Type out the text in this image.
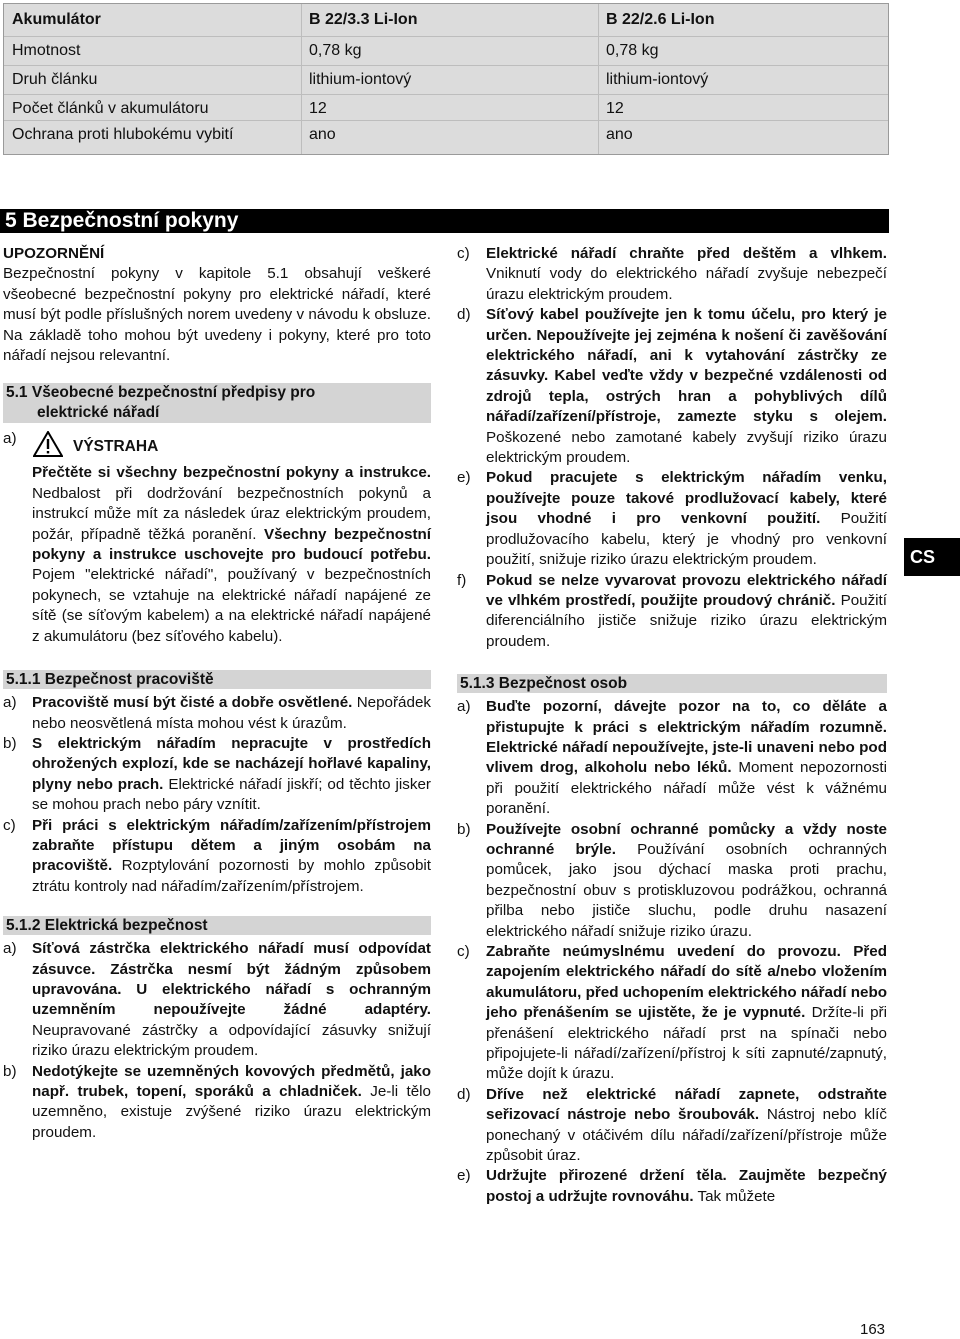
Akumulátor	B 22/3.3 Li-Ion	B 22/2.6 Li-Ion
Hmotnost	0,78 kg	0,78 kg
Druh článku	lithium-iontový	lithium-iontový
Počet článků v akumulátoru	12	12
Ochrana proti hlubokému vybití	ano	ano
5 Bezpečnostní pokyny

UPOZORNĚNÍ

Bezpečnostní pokyny v kapitole 5.1 obsahují veškeré všeobecné bezpečnostní pokyny pro elektrické nářadí, které musí být podle příslušných norem uvedeny v návodu k obsluze. Na základě toho mohou být uvedeny i pokyny, které pro toto nářadí nejsou relevantní.

5.1 Všeobecné bezpečnostní předpisy pro
elektrické nářadí
a)	VÝSTRAHA

Přečtěte si všechny bezpečnostní pokyny a instrukce. Nedbalost při dodržování bezpečnostních pokynů a instrukcí může mít za následek úraz elektrickým proudem, požár, případně těžká poranění. Všechny bezpečnostní pokyny a instrukce uschovejte pro budoucí potřebu. Pojem "elektrické nářadí", používaný v bezpečnostních pokynech, se vztahuje na elektrické nářadí napájené ze sítě (se síťovým kabelem) a na elektrické nářadí napájené z akumulátoru (bez síťového kabelu).

5.1.1 Bezpečnost pracoviště

a) Pracoviště musí být čisté a dobře osvětlené. Nepořádek nebo neosvětlená místa mohou vést k úrazům.

b) S elektrickým nářadím nepracujte v prostředích ohrožených explozí, kde se nacházejí hořlavé kapaliny, plyny nebo prach. Elektrické nářadí jiskří; od těchto jisker se mohou prach nebo páry vznítit.

c) Při práci s elektrickým nářadím/zařízením/přístrojem zabraňte přístupu dětem a jiným osobám na pracoviště. Rozptylování pozornosti by mohlo způsobit ztrátu kontroly nad nářadím/zařízením/přístrojem.

5.1.2 Elektrická bezpečnost

a) Síťová zástrčka elektrického nářadí musí odpovídat zásuvce. Zástrčka nesmí být žádným způsobem upravována. U elektrického nářadí s ochranným uzemněním nepoužívejte žádné adaptéry. Neupravované zástrčky a odpovídající zásuvky snižují riziko úrazu elektrickým proudem.

b) Nedotýkejte se uzemněných kovových předmětů, jako např. trubek, topení, sporáků a chladniček. Je-li tělo uzemněno, existuje zvýšené riziko úrazu elektrickým proudem.

c) Elektrické nářadí chraňte před deštěm a vlhkem. Vniknutí vody do elektrického nářadí zvyšuje nebezpečí úrazu elektrickým proudem.

d) Síťový kabel používejte jen k tomu účelu, pro který je určen. Nepoužívejte jej zejména k nošení či zavěšování elektrického nářadí, ani k vytahování zástrčky ze zásuvky. Kabel veďte vždy v bezpečné vzdálenosti od zdrojů tepla, ostrých hran a pohyblivých dílů nářadí/zařízení/přístroje, zamezte styku s olejem. Poškozené nebo zamotané kabely zvyšují riziko úrazu elektrickým proudem.

e) Pokud pracujete s elektrickým nářadím venku, používejte pouze takové prodlužovací kabely, které jsou vhodné i pro venkovní použití. Použití prodlužovacího kabelu, který je vhodný pro venkovní použití, snižuje riziko úrazu elektrickým proudem.

f) Pokud se nelze vyvarovat provozu elektrického nářadí ve vlhkém prostředí, použijte proudový chránič. Použití diferenciálního jističe snižuje riziko úrazu elektrickým proudem.

5.1.3 Bezpečnost osob

a) Buďte pozorní, dávejte pozor na to, co děláte a přistupujte k práci s elektrickým nářadím rozumně. Elektrické nářadí nepoužívejte, jste-li unaveni nebo pod vlivem drog, alkoholu nebo léků. Moment nepozornosti při použití elektrického nářadí může vést k vážnému poranění.

b) Používejte osobní ochranné pomůcky a vždy noste ochranné brýle. Používání osobních ochranných pomůcek, jako jsou dýchací maska proti prachu, bezpečnostní obuv s protiskluzovou podrážkou, ochranná přilba nebo jističe sluchu, podle druhu nasazení elektrického nářadí snižuje riziko úrazu.

c) Zabraňte neúmyslnému uvedení do provozu. Před zapojením elektrického nářadí do sítě a/nebo vložením akumulátoru, před uchopením elektrického nářadí nebo jeho přenášením se ujistěte, že je vypnuté. Držíte-li při přenášení elektrického nářadí prst na spínači nebo připojujete-li nářadí/zařízení/přístroj k síti zapnuté/zapnutý, může dojít k úrazu.

d) Dříve než elektrické nářadí zapnete, odstraňte seřizovací nástroje nebo šroubovák. Nástroj nebo klíč ponechaný v otáčivém dílu nářadí/zařízení/přístroje může způsobit úraz.

e) Udržujte přirozené držení těla. Zaujměte bezpečný postoj a udržujte rovnováhu. Tak můžete

CS
163
